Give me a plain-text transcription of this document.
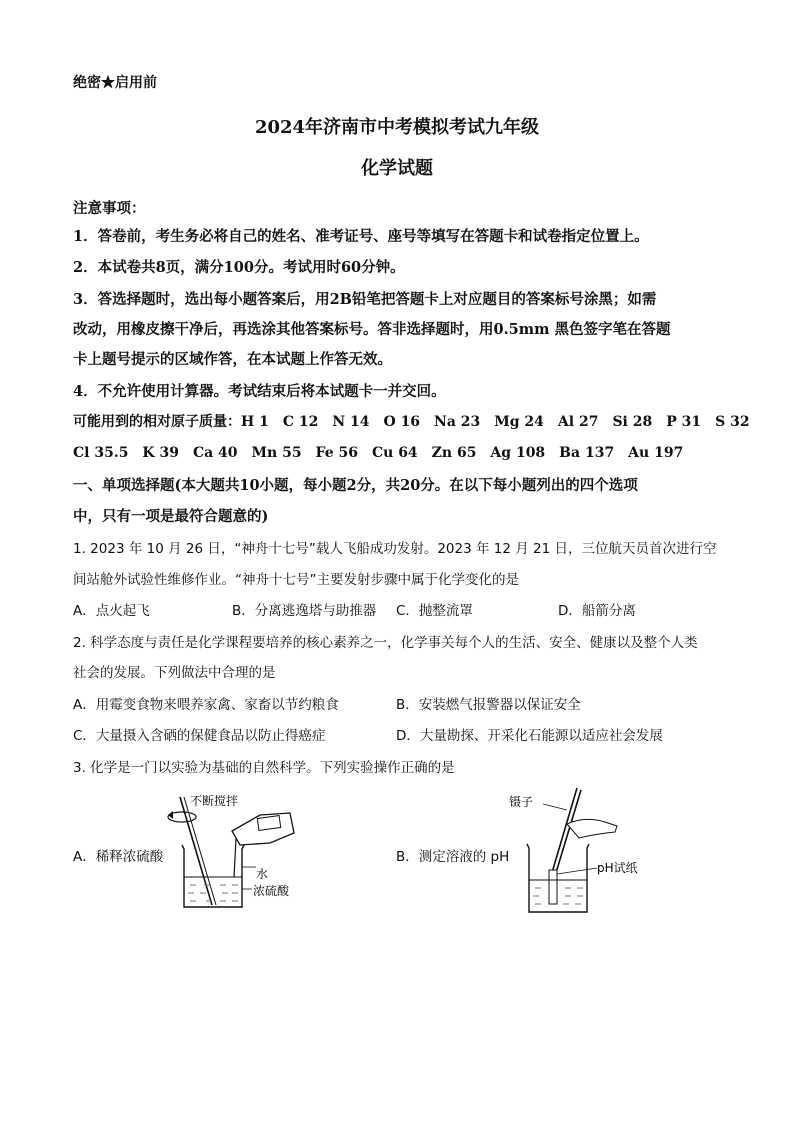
绝密★启用前
2024年济南市中考模拟考试九年级
化学试题
注意事项：
1．答卷前，考生务必将自己的姓名、准考证号、座号等填写在答题卡和试卷指定位置上。
2．本试卷共8页，满分100分。考试用时60分钟。
3．答选择题时，选出每小题答案后，用2B铅笔把答题卡上对应题目的答案标号涂黑；如需
改动，用橡皮擦干净后，再选涂其他答案标号。答非选择题时，用0.5mm 黑色签字笔在答题
卡上题号提示的区域作答，在本试题上作答无效。
4．不允许使用计算器。考试结束后将本试题卡一并交回。
可能用到的相对原子质量：H 1　C 12　N 14　O 16　Na 23　Mg 24　Al 27　Si 28　P 31　S 32
Cl 35.5　K 39　Ca 40　Mn 55　Fe 56　Cu 64　Zn 65　Ag 108　Ba 137　Au 197
一、单项选择题(本大题共10小题，每小题2分，共20分。在以下每小题列出的四个选项
中，只有一项是最符合题意的)
1. 2023 年 10 月 26 日，“神舟十七号”载人飞船成功发射。2023 年 12 月 21 日，三位航天员首次进行空
间站舱外试验性维修作业。“神舟十七号”主要发射步骤中属于化学变化的是
A．点火起飞	B．分离逃逸塔与助推器 C．抛整流罩	D．船箭分离
2. 科学态度与责任是化学课程要培养的核心素养之一，化学事关每个人的生活、安全、健康以及整个人类
社会的发展。下列做法中合理的是
A．用霉变食物来喂养家禽、家畜以节约粮食	B．安装燃气报警器以保证安全
C．大量摄入含硒的保健食品以防止得癌症	D．大量勘探、开采化石能源以适应社会发展
3. 化学是一门以实验为基础的自然科学。下列实验操作正确的是
A．稀释浓硫酸	B．测定溶液的 pH
不断搅拌
水
浓硫酸
镊子
pH试纸
